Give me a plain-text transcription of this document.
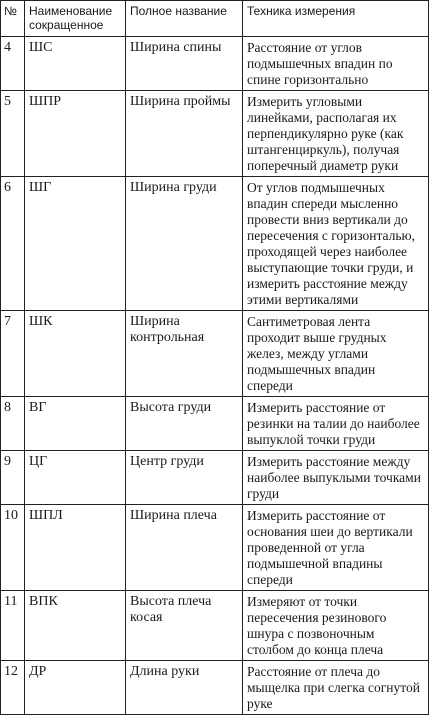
№	Наименование сокращенное	Полное название	Техника измерения
4	ШС	Ширина спины	Расстояние от углов подмышечных впадин по спине горизонтально
5	ШПР	Ширина проймы	Измерить угловыми линейками, располагая их перпендикулярно руке (как штангенциркуль), получая поперечный диаметр руки
6	ШГ	Ширина груди	От углов подмышечных впадин спереди мысленно провести вниз вертикали до пересечения с горизонталью, проходящей через наиболее выступающие точки груди, и измерить расстояние между этими вертикалями
7	ШК	Ширина контрольная	Сантиметровая лента проходит выше грудных желез, между углами подмышечных впадин спереди
8	ВГ	Высота груди	Измерить расстояние от резинки на талии до наиболее выпуклой точки груди
9	ЦГ	Центр груди	Измерить расстояние между наиболее выпуклыми точками груди
10	ШПЛ	Ширина плеча	Измерить расстояние от основания шеи до вертикали проведенной от угла подмышечной впадины спереди
11	ВПК	Высота плеча косая	Измеряют от точки пересечения резинового шнура с позвоночным столбом до конца плеча
12	ДР	Длина руки	Расстояние от плеча до мыщелка при слегка согнутой руке
